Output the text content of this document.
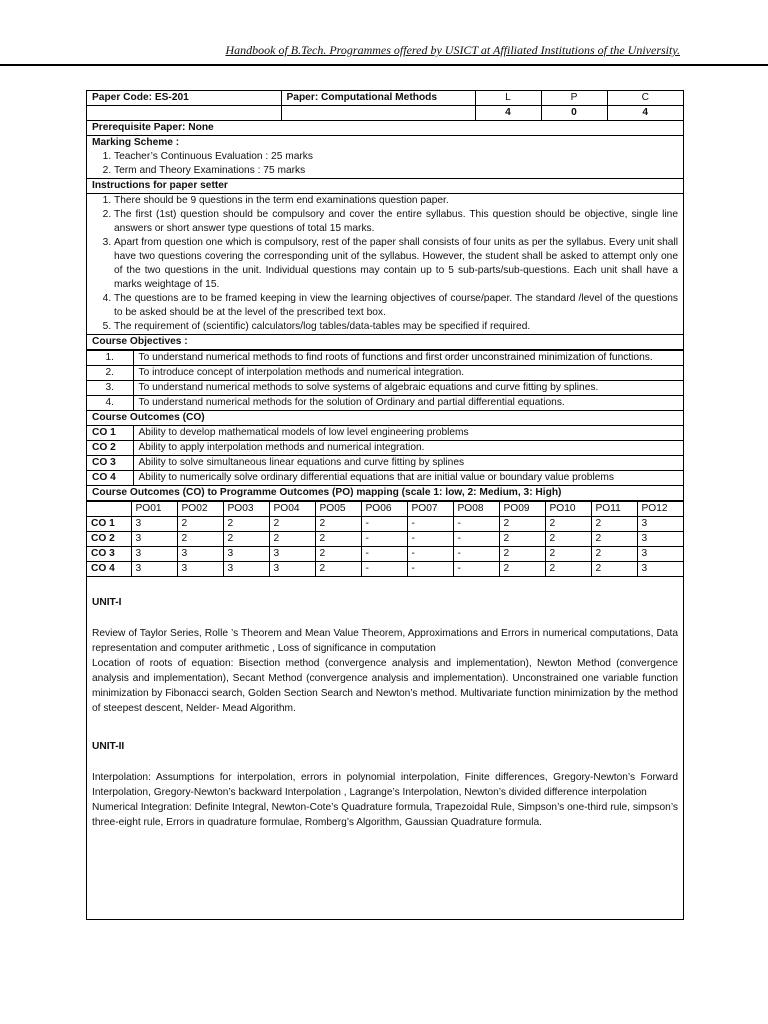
Handbook of B.Tech. Programmes offered by USICT at Affiliated Institutions of the University.
Paper Code: ES-201	Paper: Computational Methods	L	P	C
		4	0	4
Prerequisite Paper: None

Marking Scheme :
1. Teacher’s Continuous Evaluation : 25 marks
2. Term and Theory Examinations : 75 marks

Instructions for paper setter

1. There should be 9 questions in the term end examinations question paper.
2. The first (1st) question should be compulsory and cover the entire syllabus. This question should be objective, single line answers or short answer type questions of total 15 marks.
3. Apart from question one which is compulsory, rest of the paper shall consists of four units as per the syllabus. Every unit shall have two questions covering the corresponding unit of the syllabus. However, the student shall be asked to attempt only one of the two questions in the unit. Individual questions may contain up to 5 sub-parts/sub-questions. Each unit shall have a marks weightage of 15.
4. The questions are to be framed keeping in view the learning objectives of course/paper. The standard /level of the questions to be asked should be at the level of the prescribed text box.
5. The requirement of (scientific) calculators/log tables/data-tables may be specified if required.

Course Objectives :
1.	To understand numerical methods to find roots of functions and first order unconstrained minimization of functions.
2.	To introduce concept of interpolation methods and numerical integration.
3.	To understand numerical methods to solve systems of algebraic equations and curve fitting by splines.
4.	To understand numerical methods for the solution of Ordinary and partial differential equations.
Course Outcomes (CO)	
CO 1	Ability to develop mathematical models of low level engineering problems
CO 2	Ability to apply interpolation methods and numerical integration.
CO 3	Ability to solve simultaneous linear equations and curve fitting by splines
CO 4	Ability to numerically solve ordinary differential equations that are initial value or boundary value problems
Course Outcomes (CO) to Programme Outcomes (PO) mapping (scale 1: low, 2: Medium, 3: High)	
	PO01	PO02	PO03	PO04	PO05	PO06	PO07	PO08	PO09	PO10	PO11	PO12
CO 1	3	2	2	2	2	-	-	-	2	2	2	3
CO 2	3	2	2	2	2	-	-	-	2	2	2	3
CO 3	3	3	3	3	2	-	-	-	2	2	2	3
CO 4	3	3	3	3	2	-	-	-	2	2	2	3

UNIT-I

Review of Taylor Series, Rolle ’s Theorem and Mean Value Theorem, Approximations and Errors in numerical computations, Data representation and computer arithmetic , Loss of significance in computation

Location of roots of equation: Bisection method (convergence analysis and implementation), Newton Method (convergence analysis and implementation), Secant Method (convergence analysis and implementation). Unconstrained one variable function minimization by Fibonacci search, Golden Section Search and Newton’s method. Multivariate function minimization by the method of steepest descent, Nelder- Mead Algorithm.

UNIT-II

Interpolation: Assumptions for interpolation, errors in polynomial interpolation, Finite differences, Gregory-Newton’s Forward Interpolation, Gregory-Newton’s backward Interpolation , Lagrange’s Interpolation, Newton’s divided difference interpolation

Numerical Integration: Definite Integral, Newton-Cote’s Quadrature formula, Trapezoidal Rule, Simpson’s one-third rule, simpson’s three-eight rule, Errors in quadrature formulae, Romberg’s Algorithm, Gaussian Quadrature formula.
